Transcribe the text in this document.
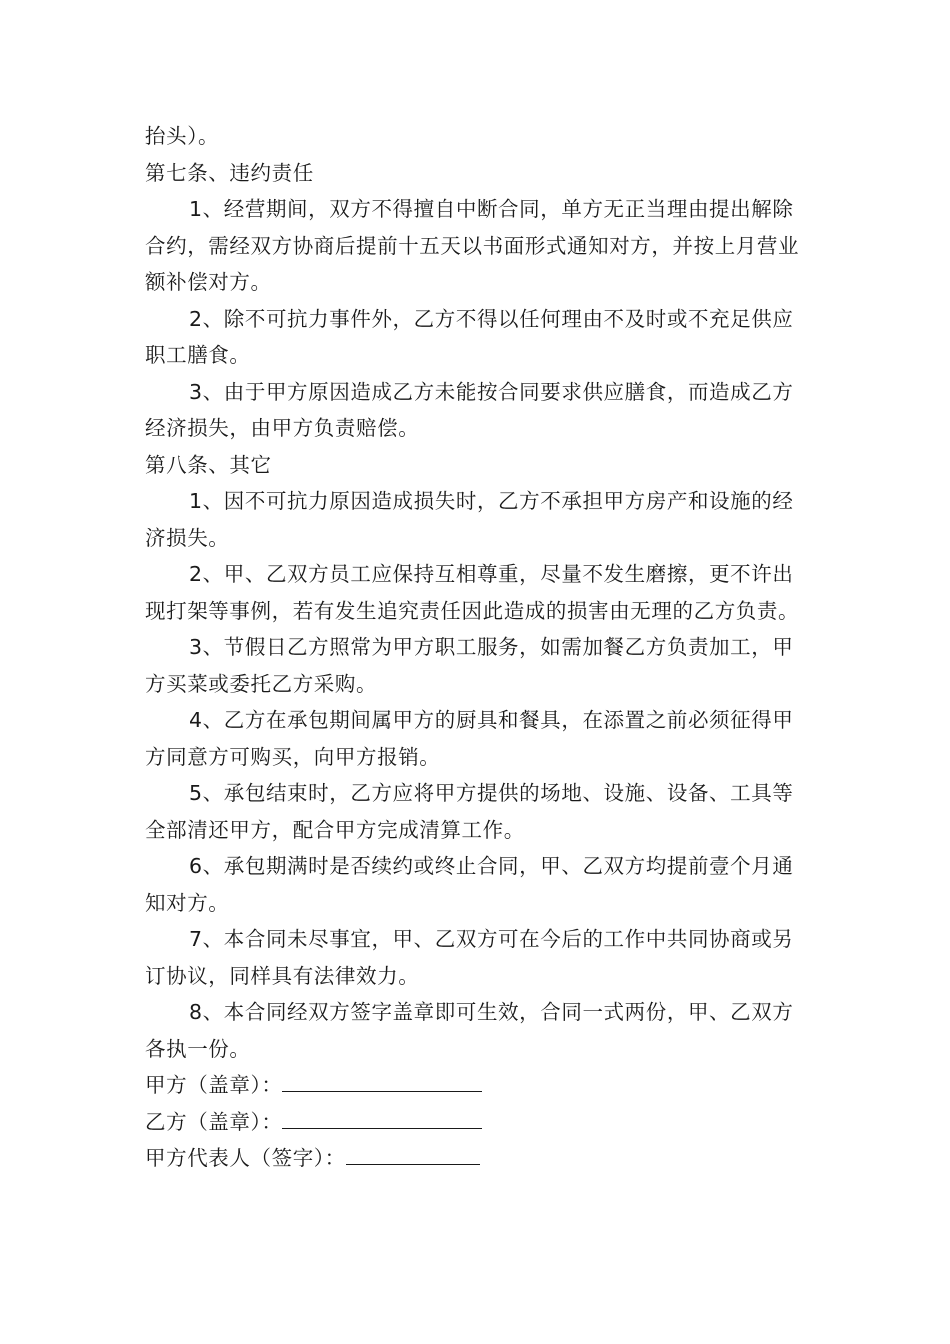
抬头）。

第七条、违约责任

1、经营期间，双方不得擅自中断合同，单方无正当理由提出解除合约，需经双方协商后提前十五天以书面形式通知对方，并按上月营业额补偿对方。

2、除不可抗力事件外，乙方不得以任何理由不及时或不充足供应职工膳食。

3、由于甲方原因造成乙方未能按合同要求供应膳食，而造成乙方经济损失，由甲方负责赔偿。

第八条、其它

1、因不可抗力原因造成损失时，乙方不承担甲方房产和设施的经济损失。

2、甲、乙双方员工应保持互相尊重，尽量不发生磨擦，更不许出现打架等事例，若有发生追究责任因此造成的损害由无理的乙方负责。

3、节假日乙方照常为甲方职工服务，如需加餐乙方负责加工，甲方买菜或委托乙方采购。

4、乙方在承包期间属甲方的厨具和餐具，在添置之前必须征得甲方同意方可购买，向甲方报销。

5、承包结束时，乙方应将甲方提供的场地、设施、设备、工具等全部清还甲方，配合甲方完成清算工作。

6、承包期满时是否续约或终止合同，甲、乙双方均提前壹个月通知对方。

7、本合同未尽事宜，甲、乙双方可在今后的工作中共同协商或另订协议，同样具有法律效力。

8、本合同经双方签字盖章即可生效，合同一式两份，甲、乙双方各执一份。

甲方（盖章）：

乙方（盖章）：

甲方代表人（签字）：
